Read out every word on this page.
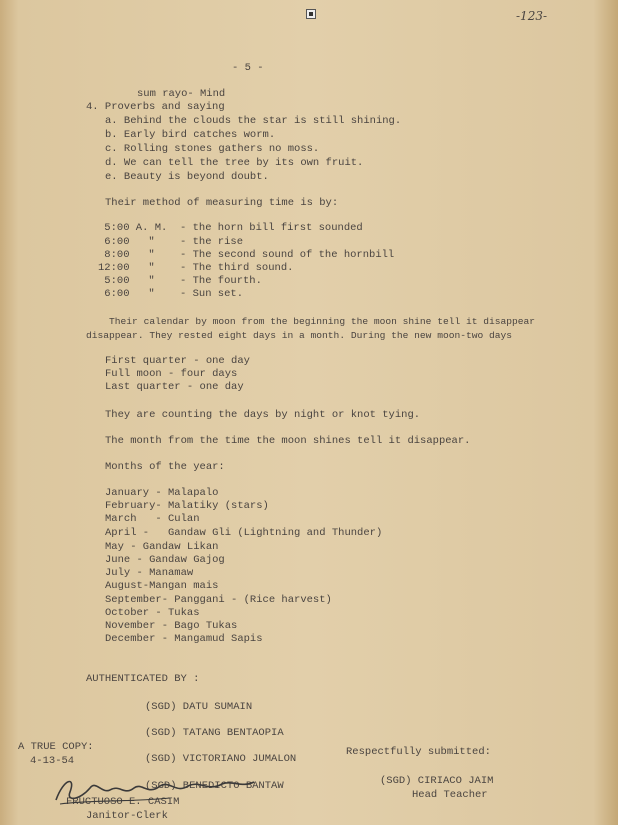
-123-
- 5 -
sum rayo- Mind
4. Proverbs and saying
a. Behind the clouds the star is still shining.
b. Early bird catches worm.
c. Rolling stones gathers no moss.
d. We can tell the tree by its own fruit.
e. Beauty is beyond doubt.
Their method of measuring time is by:
5:00 A. M. - the horn bill first sounded
6:00   " - the rise
8:00   " - The second sound of the hornbill
12:00   " - The third sound.
5:00   " - The fourth.
6:00   " - Sun set.
Their calendar by moon from the beginning the moon shine tell it disappear
disappear. They rested eight days in a month. During the new moon-two days
First quarter - one day
Full moon - four days
Last quarter - one day
They are counting the days by night or knot tying.
The month from the time the moon shines tell it disappear.
Months of the year:
January - Malapalo
February- Malatiky (stars)
March   - Culan
April -   Gandaw Gli (Lightning and Thunder)
May - Gandaw Likan
June - Gandaw Gajog
July - Manamaw
August-Mangan mais
September- Panggani - (Rice harvest)
October - Tukas
November - Bago Tukas
December - Mangamud Sapis
AUTHENTICATED BY :
(SGD) DATU SUMAIN
(SGD) TATANG BENTAOPIA
(SGD) VICTORIANO JUMALON
(SGD) BENEDICTO BANTAW
A TRUE COPY:
4-13-54
Respectfully submitted:
(SGD) CIRIACO JAIM
Head Teacher
FRUCTUOSO E. CASIM
Janitor-Clerk
